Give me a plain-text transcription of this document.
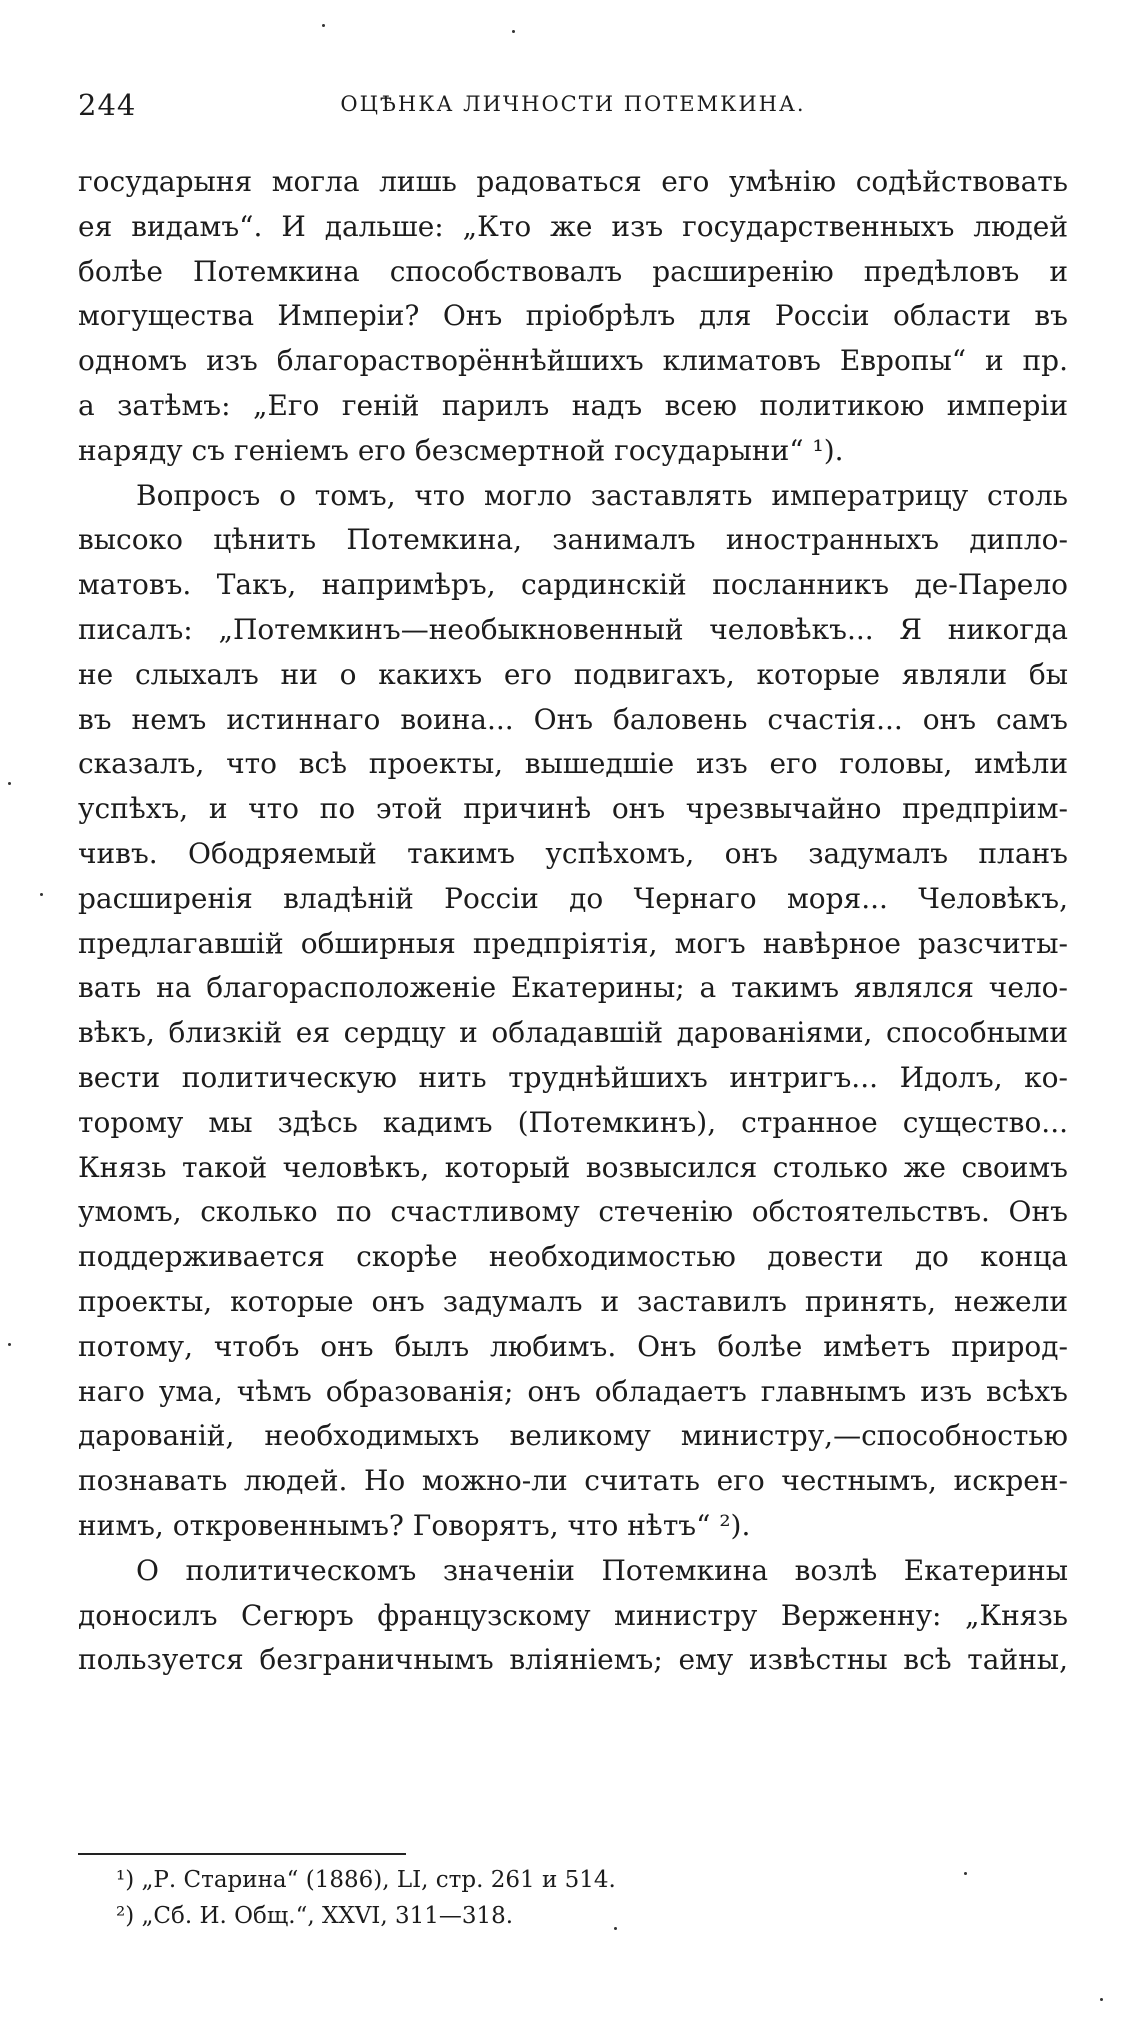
244	ОЦѢНКА ЛИЧНОСТИ ПОТЕМКИНА.
государыня могла лишь радоваться его умѣнію содѣйствовать
ея видамъ“. И дальше: „Кто же изъ государственныхъ людей
болѣе Потемкина способствовалъ расширенію предѣловъ и
могущества Имперіи? Онъ пріобрѣлъ для Россіи области въ
одномъ изъ благорастворённѣйшихъ климатовъ Европы“ и пр.
а затѣмъ: „Его геній парилъ надъ всею политикою имперіи
наряду съ геніемъ его безсмертной государыни“ ¹).
Вопросъ о томъ, что могло заставлять императрицу столь
высоко цѣнить Потемкина, занималъ иностранныхъ дипло-
матовъ. Такъ, напримѣръ, сардинскій посланникъ де-Парело
писалъ: „Потемкинъ—необыкновенный человѣкъ... Я никогда
не слыхалъ ни о какихъ его подвигахъ, которые являли бы
въ немъ истиннаго воина... Онъ баловень счастія... онъ самъ
сказалъ, что всѣ проекты, вышедшіе изъ его головы, имѣли
успѣхъ, и что по этой причинѣ онъ чрезвычайно предпріим-
чивъ. Ободряемый такимъ успѣхомъ, онъ задумалъ планъ
расширенія владѣній Россіи до Чернаго моря... Человѣкъ,
предлагавшій обширныя предпріятія, могъ навѣрное разсчиты-
вать на благорасположеніе Екатерины; а такимъ являлся чело-
вѣкъ, близкій ея сердцу и обладавшій дарованіями, способными
вести политическую нить труднѣйшихъ интригъ... Идолъ, ко-
торому мы здѣсь кадимъ (Потемкинъ), странное существо...
Князь такой человѣкъ, который возвысился столько же своимъ
умомъ, сколько по счастливому стеченію обстоятельствъ. Онъ
поддерживается скорѣе необходимостью довести до конца
проекты, которые онъ задумалъ и заставилъ принять, нежели
потому, чтобъ онъ былъ любимъ. Онъ болѣе имѣетъ природ-
наго ума, чѣмъ образованія; онъ обладаетъ главнымъ изъ всѣхъ
дарованій, необходимыхъ великому министру,—способностью
познавать людей. Но можно-ли считать его честнымъ, искрен-
нимъ, откровеннымъ? Говорятъ, что нѣтъ“ ²).
О политическомъ значеніи Потемкина возлѣ Екатерины
доносилъ Сегюръ французскому министру Верженну: „Князь
пользуется безграничнымъ вліяніемъ; ему извѣстны всѣ тайны,
¹) „Р. Старина“ (1886), LI, стр. 261 и 514.
²) „Сб. И. Общ.“, XXVI, 311—318.
